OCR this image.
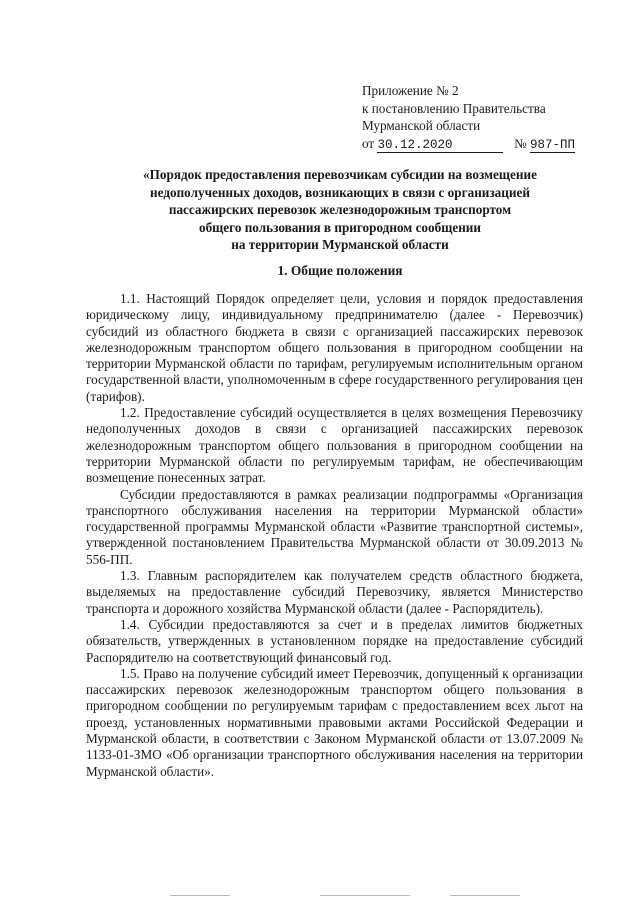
Приложение № 2
к постановлению Правительства
Мурманской области
от 30.12.2020	№ 987-ПП
«Порядок предоставления перевозчикам субсидии на возмещение
недополученных доходов, возникающих в связи с организацией
пассажирских перевозок железнодорожным транспортом
общего пользования в пригородном сообщении
на территории Мурманской области
1. Общие положения

1.1. Настоящий Порядок определяет цели, условия и порядок предоставления юридическому лицу, индивидуальному предпринимателю (далее - Перевозчик) субсидий из областного бюджета в связи с организацией пассажирских перевозок железнодорожным транспортом общего пользования в пригородном сообщении на территории Мурманской области по тарифам, регулируемым исполнительным органом государственной власти, уполномоченным в сфере государственного регулирования цен (тарифов).

1.2. Предоставление субсидий осуществляется в целях возмещения Перевозчику недополученных доходов в связи с организацией пассажирских перевозок железнодорожным транспортом общего пользования в пригородном сообщении на территории Мурманской области по регулируемым тарифам, не обеспечивающим возмещение понесенных затрат.

Субсидии предоставляются в рамках реализации подпрограммы «Организация транспортного обслуживания населения на территории Мурманской области» государственной программы Мурманской области «Развитие транспортной системы», утвержденной постановлением Правительства Мурманской области от 30.09.2013 № 556-ПП.

1.3. Главным распорядителем как получателем средств областного бюджета, выделяемых на предоставление субсидий Перевозчику, является Министерство транспорта и дорожного хозяйства Мурманской области (далее - Распорядитель).

1.4. Субсидии предоставляются за счет и в пределах лимитов бюджетных обязательств, утвержденных в установленном порядке на предоставление субсидий Распорядителю на соответствующий финансовый год.

1.5. Право на получение субсидий имеет Перевозчик, допущенный к организации пассажирских перевозок железнодорожным транспортом общего пользования в пригородном сообщении по регулируемым тарифам с предоставлением всех льгот на проезд, установленных нормативными правовыми актами Российской Федерации и Мурманской области, в соответствии с Законом Мурманской области от 13.07.2009 № 1133-01-ЗМО «Об организации транспортного обслуживания населения на территории Мурманской области».
